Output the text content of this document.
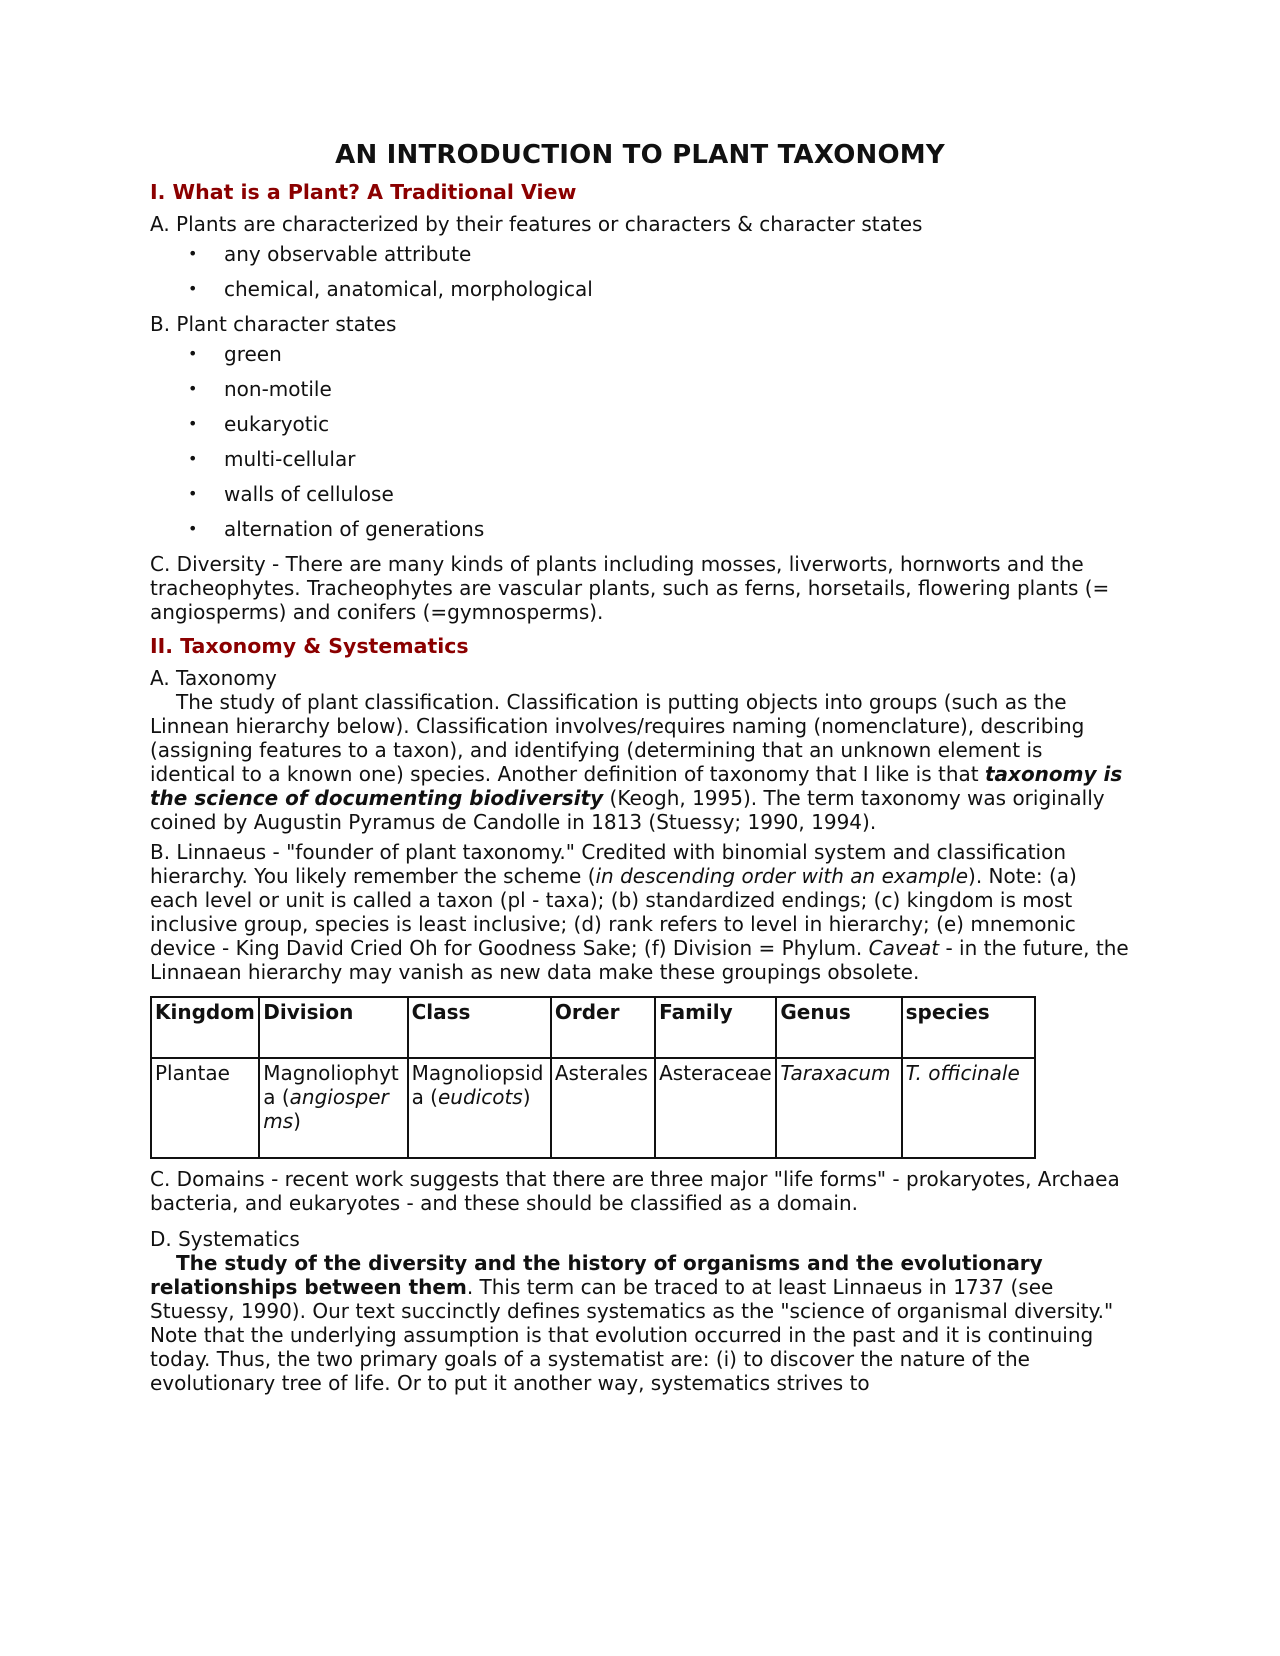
AN INTRODUCTION TO PLANT TAXONOMY
I. What is a Plant? A Traditional View
A. Plants are characterized by their features or characters & character states
• any observable attribute
• chemical, anatomical, morphological
B. Plant character states
• green
• non-motile
• eukaryotic
• multi-cellular
• walls of cellulose
• alternation of generations
C. Diversity - There are many kinds of plants including mosses, liverworts, hornworts and the tracheophytes. Tracheophytes are vascular plants, such as ferns, horsetails, flowering plants (= angiosperms) and conifers (=gymnosperms).
II. Taxonomy & Systematics
A. Taxonomy
The study of plant classification. Classification is putting objects into groups (such as the Linnean hierarchy below). Classification involves/requires naming (nomenclature), describing (assigning features to a taxon), and identifying (determining that an unknown element is identical to a known one) species. Another definition of taxonomy that I like is that taxonomy is the science of documenting biodiversity (Keogh, 1995). The term taxonomy was originally coined by Augustin Pyramus de Candolle in 1813 (Stuessy; 1990, 1994).
B. Linnaeus - "founder of plant taxonomy." Credited with binomial system and classification hierarchy. You likely remember the scheme (in descending order with an example). Note: (a) each level or unit is called a taxon (pl - taxa); (b) standardized endings; (c) kingdom is most inclusive group, species is least inclusive; (d) rank refers to level in hierarchy; (e) mnemonic device - King David Cried Oh for Goodness Sake; (f) Division = Phylum. Caveat - in the future, the Linnaean hierarchy may vanish as new data make these groupings obsolete.
Kingdom	Division	Class	Order	Family	Genus	species
Plantae	Magnoliophyta (angiosperms)	Magnoliopsida (eudicots)	Asterales	Asteraceae	Taraxacum	T. officinale
C. Domains - recent work suggests that there are three major "life forms" - prokaryotes, Archaea bacteria, and eukaryotes - and these should be classified as a domain.
D. Systematics
The study of the diversity and the history of organisms and the evolutionary relationships between them. This term can be traced to at least Linnaeus in 1737 (see Stuessy, 1990). Our text succinctly defines systematics as the "science of organismal diversity." Note that the underlying assumption is that evolution occurred in the past and it is continuing today. Thus, the two primary goals of a systematist are: (i) to discover the nature of the evolutionary tree of life. Or to put it another way, systematics strives to
